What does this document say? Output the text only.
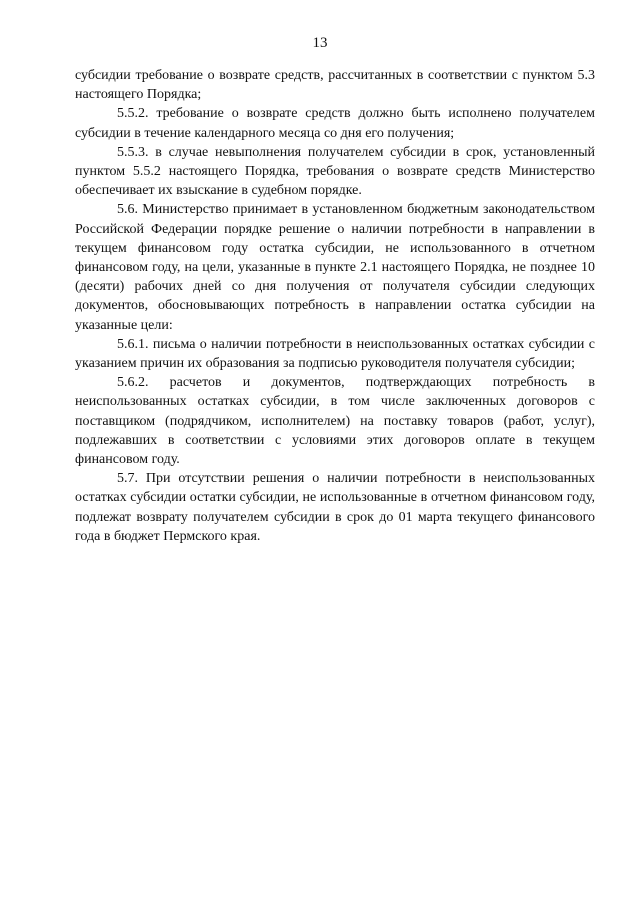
13

субсидии требование о возврате средств, рассчитанных в соответствии с пунктом 5.3 настоящего Порядка;

5.5.2. требование о возврате средств должно быть исполнено получателем субсидии в течение календарного месяца со дня его получения;

5.5.3. в случае невыполнения получателем субсидии в срок, установленный пунктом 5.5.2 настоящего Порядка, требования о возврате средств Министерство обеспечивает их взыскание в судебном порядке.

5.6. Министерство принимает в установленном бюджетным законодательством Российской Федерации порядке решение о наличии потребности в направлении в текущем финансовом году остатка субсидии, не использованного в отчетном финансовом году, на цели, указанные в пункте 2.1 настоящего Порядка, не позднее 10 (десяти) рабочих дней со дня получения от получателя субсидии следующих документов, обосновывающих потребность в направлении остатка субсидии на указанные цели:

5.6.1. письма о наличии потребности в неиспользованных остатках субсидии с указанием причин их образования за подписью руководителя получателя субсидии;

5.6.2. расчетов и документов, подтверждающих потребность в неиспользованных остатках субсидии, в том числе заключенных договоров с поставщиком (подрядчиком, исполнителем) на поставку товаров (работ, услуг), подлежавших в соответствии с условиями этих договоров оплате в текущем финансовом году.

5.7. При отсутствии решения о наличии потребности в неиспользованных остатках субсидии остатки субсидии, не использованные в отчетном финансовом году, подлежат возврату получателем субсидии в срок до 01 марта текущего финансового года в бюджет Пермского края.
